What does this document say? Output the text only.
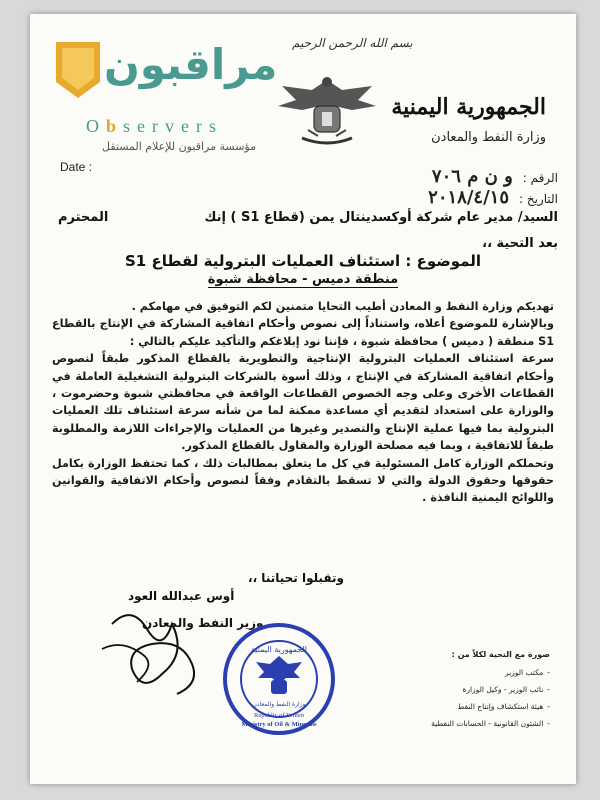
مراقبون
Observers
مؤسسة مراقبون للإعلام المستقل
Date :
بسم الله الرحمن الرحيم
الجمهورية اليمنية
وزارة النفط والمعادن
الرقم :و ن م ٧٠٦
التاريخ :٢٠١٨/٤/١٥
السيد/ مدير عام شركة أوكسدينتال يمن (قطاع S1 ) إنك
المحترم
بعد التحية ،،
الموضوع : استئناف العمليات البترولية لقطاع S1
منطقة دميس - محافظة شبوة

تهديكم وزارة النفط و المعادن أطيب التحايا متمنين لكم التوفيق في مهامكم .

وبالإشارة للموضوع أعلاه، واستناداً إلى نصوص وأحكام اتفاقية المشاركة في الإنتاج بالقطاع S1 منطقة ( دميس ) محافظة شبوة ، فإننا نود إبلاغكم والتأكيد عليكم بالتالي :

سرعة استئناف العمليات البترولية الإنتاجية والتطويرية بالقطاع المذكور طبقاً لنصوص وأحكام اتفاقية المشاركة في الإنتاج ، وذلك أسوة بالشركات البترولية التشغيلية العاملة في القطاعات الأخرى وعلى وجه الخصوص القطاعات الواقعة في محافظتي شبوة وحضرموت ، والوزارة على استعداد لتقديم أي مساعدة ممكنة لما من شأنه سرعة استئناف تلك العمليات البترولية بما فيها عملية الإنتاج والتصدير وغيرها من العمليات والإجراءات اللازمة والمطلوبة طبقاً للاتفاقية ، وبما فيه مصلحة الوزارة والمقاول بالقطاع المذكور.

وتحملكم الوزارة كامل المسئولية في كل ما يتعلق بمطالبات ذلك ، كما تحتفظ الوزارة بكامل حقوقها وحقوق الدولة والتي لا تسقط بالتقادم وفقاً لنصوص وأحكام الاتفاقية والقوانين واللوائح اليمنية النافذة .

وتقبلوا تحياتنا ،،
أوس عبدالله العود
وزير النفط والمعادن
الجمهورية اليمنية
وزارة النفط والمعادن
Republic of Yemen
Ministry of Oil & Minerals
صورة مع التحية لكلاً من :
-مكتب الوزير
-نائب الوزير - وكيل الوزارة
-هيئة استكشاف وإنتاج النفط
-الشئون القانونية - الحسابات النفطية
